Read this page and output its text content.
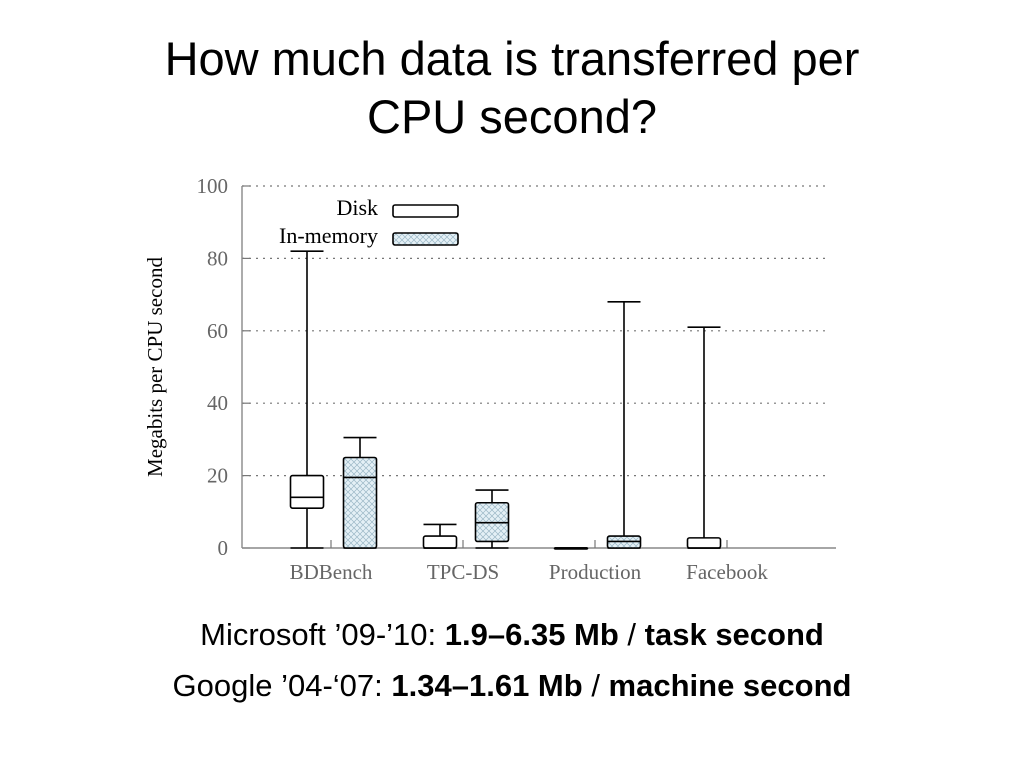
How much data is transferred per
CPU second?
0
20
40
60
80
100
Megabits per CPU second
BDBench	TPC-DS Production Facebook
Disk
In-memory
Microsoft ’09-’10: 1.9–6.35 Mb / task second
Google ’04-‘07: 1.34–1.61 Mb / machine second
